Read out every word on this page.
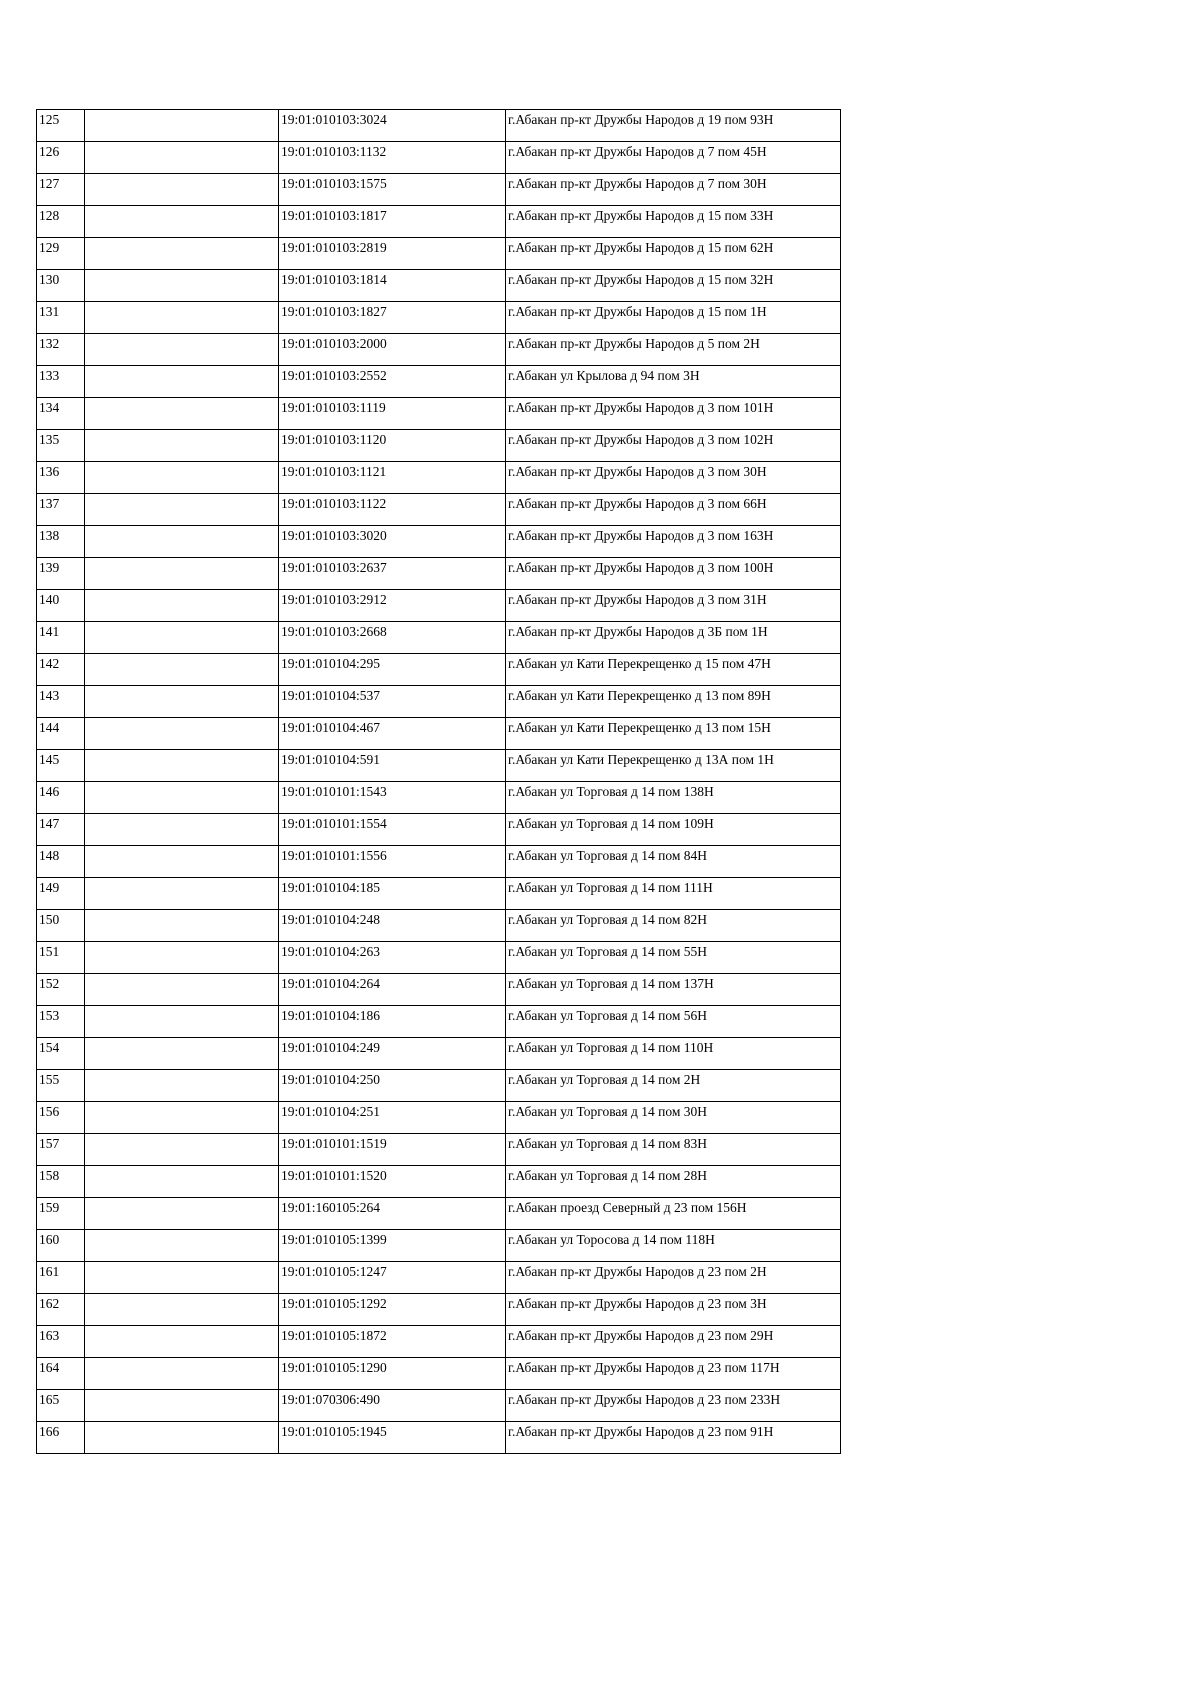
125		19:01:010103:3024	г.Абакан пр-кт Дружбы Народов д 19 пом 93Н
126		19:01:010103:1132	г.Абакан пр-кт Дружбы Народов д 7 пом 45Н
127		19:01:010103:1575	г.Абакан пр-кт Дружбы Народов д 7 пом 30Н
128		19:01:010103:1817	г.Абакан пр-кт Дружбы Народов д 15 пом 33Н
129		19:01:010103:2819	г.Абакан пр-кт Дружбы Народов д 15 пом 62Н
130		19:01:010103:1814	г.Абакан пр-кт Дружбы Народов д 15 пом 32Н
131		19:01:010103:1827	г.Абакан пр-кт Дружбы Народов д 15 пом 1Н
132		19:01:010103:2000	г.Абакан пр-кт Дружбы Народов д 5 пом 2Н
133		19:01:010103:2552	г.Абакан ул Крылова д 94 пом 3Н
134		19:01:010103:1119	г.Абакан пр-кт Дружбы Народов д 3 пом 101Н
135		19:01:010103:1120	г.Абакан пр-кт Дружбы Народов д 3 пом 102Н
136		19:01:010103:1121	г.Абакан пр-кт Дружбы Народов д 3 пом 30Н
137		19:01:010103:1122	г.Абакан пр-кт Дружбы Народов д 3 пом 66Н
138		19:01:010103:3020	г.Абакан пр-кт Дружбы Народов д 3 пом 163Н
139		19:01:010103:2637	г.Абакан пр-кт Дружбы Народов д 3 пом 100Н
140		19:01:010103:2912	г.Абакан пр-кт Дружбы Народов д 3 пом 31Н
141		19:01:010103:2668	г.Абакан пр-кт Дружбы Народов д 3Б пом 1Н
142		19:01:010104:295	г.Абакан ул Кати Перекрещенко д 15 пом 47Н
143		19:01:010104:537	г.Абакан ул Кати Перекрещенко д 13 пом 89Н
144		19:01:010104:467	г.Абакан ул Кати Перекрещенко д 13 пом 15Н
145		19:01:010104:591	г.Абакан ул Кати Перекрещенко д 13А пом 1Н
146		19:01:010101:1543	г.Абакан ул Торговая д 14 пом 138Н
147		19:01:010101:1554	г.Абакан ул Торговая д 14 пом 109Н
148		19:01:010101:1556	г.Абакан ул Торговая д 14 пом 84Н
149		19:01:010104:185	г.Абакан ул Торговая д 14 пом 111Н
150		19:01:010104:248	г.Абакан ул Торговая д 14 пом 82Н
151		19:01:010104:263	г.Абакан ул Торговая д 14 пом 55Н
152		19:01:010104:264	г.Абакан ул Торговая д 14 пом 137Н
153		19:01:010104:186	г.Абакан ул Торговая д 14 пом 56Н
154		19:01:010104:249	г.Абакан ул Торговая д 14 пом 110Н
155		19:01:010104:250	г.Абакан ул Торговая д 14 пом 2Н
156		19:01:010104:251	г.Абакан ул Торговая д 14 пом 30Н
157		19:01:010101:1519	г.Абакан ул Торговая д 14 пом 83Н
158		19:01:010101:1520	г.Абакан ул Торговая д 14 пом 28Н
159		19:01:160105:264	г.Абакан проезд Северный д 23 пом 156Н
160		19:01:010105:1399	г.Абакан ул Торосова д 14 пом 118Н
161		19:01:010105:1247	г.Абакан пр-кт Дружбы Народов д 23 пом 2Н
162		19:01:010105:1292	г.Абакан пр-кт Дружбы Народов д 23 пом 3Н
163		19:01:010105:1872	г.Абакан пр-кт Дружбы Народов д 23 пом 29Н
164		19:01:010105:1290	г.Абакан пр-кт Дружбы Народов д 23 пом 117Н
165		19:01:070306:490	г.Абакан пр-кт Дружбы Народов д 23 пом 233Н
166		19:01:010105:1945	г.Абакан пр-кт Дружбы Народов д 23 пом 91Н
